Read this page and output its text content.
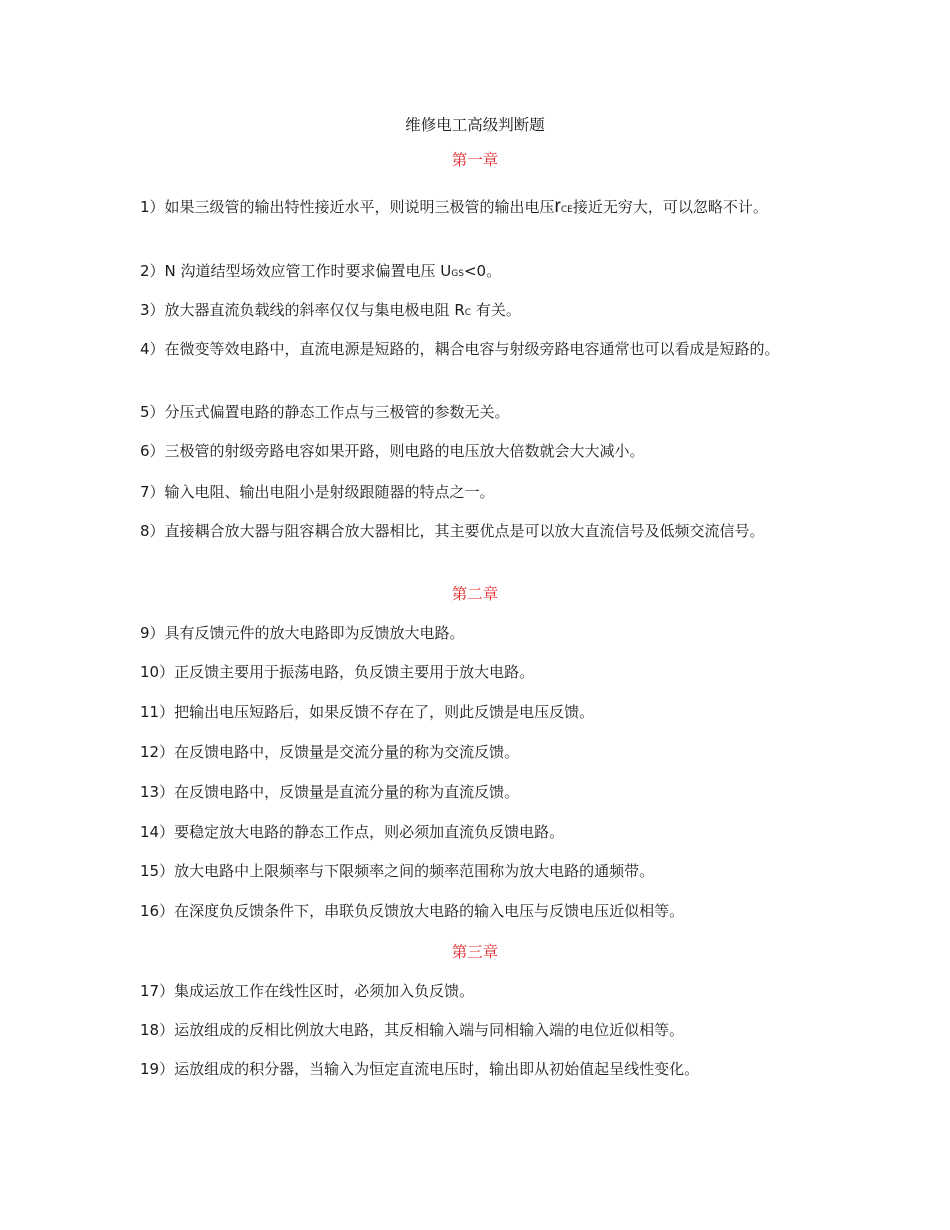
维修电工高级判断题
第一章
1）如果三级管的输出特性接近水平，则说明三极管的输出电压rCE接近无穷大，可以忽略不计。
2）N 沟道结型场效应管工作时要求偏置电压 UGS<0。
3）放大器直流负载线的斜率仅仅与集电极电阻 RC 有关。
4）在微变等效电路中，直流电源是短路的，耦合电容与射级旁路电容通常也可以看成是短路的。
5）分压式偏置电路的静态工作点与三极管的参数无关。
6）三极管的射级旁路电容如果开路，则电路的电压放大倍数就会大大减小。
7）输入电阻、输出电阻小是射级跟随器的特点之一。
8）直接耦合放大器与阻容耦合放大器相比，其主要优点是可以放大直流信号及低频交流信号。
第二章
9）具有反馈元件的放大电路即为反馈放大电路。
10）正反馈主要用于振荡电路，负反馈主要用于放大电路。
11）把输出电压短路后，如果反馈不存在了，则此反馈是电压反馈。
12）在反馈电路中，反馈量是交流分量的称为交流反馈。
13）在反馈电路中，反馈量是直流分量的称为直流反馈。
14）要稳定放大电路的静态工作点，则必须加直流负反馈电路。
15）放大电路中上限频率与下限频率之间的频率范围称为放大电路的通频带。
16）在深度负反馈条件下，串联负反馈放大电路的输入电压与反馈电压近似相等。
第三章
17）集成运放工作在线性区时，必须加入负反馈。
18）运放组成的反相比例放大电路，其反相输入端与同相输入端的电位近似相等。
19）运放组成的积分器，当输入为恒定直流电压时，输出即从初始值起呈线性变化。
